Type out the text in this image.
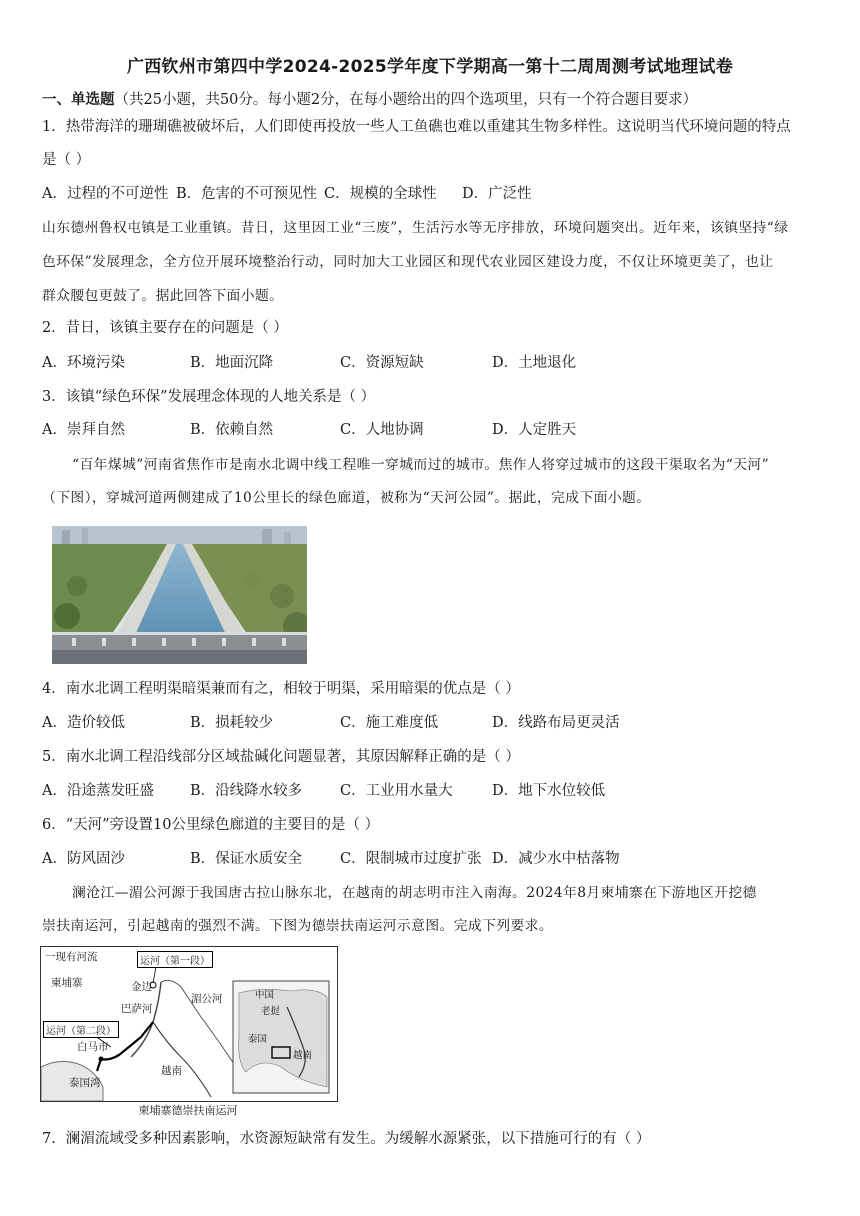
广西钦州市第四中学2024-2025学年度下学期高一第十二周周测考试地理试卷
一、单选题（共25小题，共50分。每小题2分，在每小题给出的四个选项里，只有一个符合题目要求）
1．热带海洋的珊瑚礁被破坏后，人们即使再投放一些人工鱼礁也难以重建其生物多样性。这说明当代环境问题的特点
是（ ）
A．过程的不可逆性 B．危害的不可预见性 C．规模的全球性 D．广泛性
山东德州鲁权屯镇是工业重镇。昔日，这里因工业“三废”，生活污水等无序排放，环境问题突出。近年来，该镇坚持“绿
色环保”发展理念，全方位开展环境整治行动，同时加大工业园区和现代农业园区建设力度，不仅让环境更美了，也让
群众腰包更鼓了。据此回答下面小题。
2．昔日，该镇主要存在的问题是（ ）
A．环境污染	B．地面沉降	C．资源短缺	D．土地退化
3．该镇“绿色环保”发展理念体现的人地关系是（ ）
A．崇拜自然	B．依赖自然	C．人地协调	D．人定胜天
“百年煤城”河南省焦作市是南水北调中线工程唯一穿城而过的城市。焦作人将穿过城市的这段干渠取名为“天河”
（下图），穿城河道两侧建成了10公里长的绿色廊道，被称为“天河公园”。据此，完成下面小题。
4．南水北调工程明渠暗渠兼而有之，相较于明渠，采用暗渠的优点是（ ）
A．造价较低	B．损耗较少	C．施工难度低	D．线路布局更灵活
5．南水北调工程沿线部分区域盐碱化问题显著，其原因解释正确的是（ ）
A．沿途蒸发旺盛 B．沿线降水较多	C．工业用水量大	D．地下水位较低
6．“天河”旁设置10公里绿色廊道的主要目的是（ ）
A．防风固沙	B．保证水质安全	C．限制城市过度扩张 D．减少水中枯落物
澜沧江—湄公河源于我国唐古拉山脉东北，在越南的胡志明市注入南海。2024年8月柬埔寨在下游地区开挖德
崇扶南运河，引起越南的强烈不满。下图为德崇扶南运河示意图。完成下列要求。
一现有河流	运河（第一段）
运河（第二段）
柬埔寨	金边
湄公河
巴萨河
白马市
泰国湾
越南
中国
老挝
泰国
越南
柬埔寨德崇扶南运河
7．澜湄流域受多种因素影响，水资源短缺常有发生。为缓解水源紧张，以下措施可行的有（ ）
